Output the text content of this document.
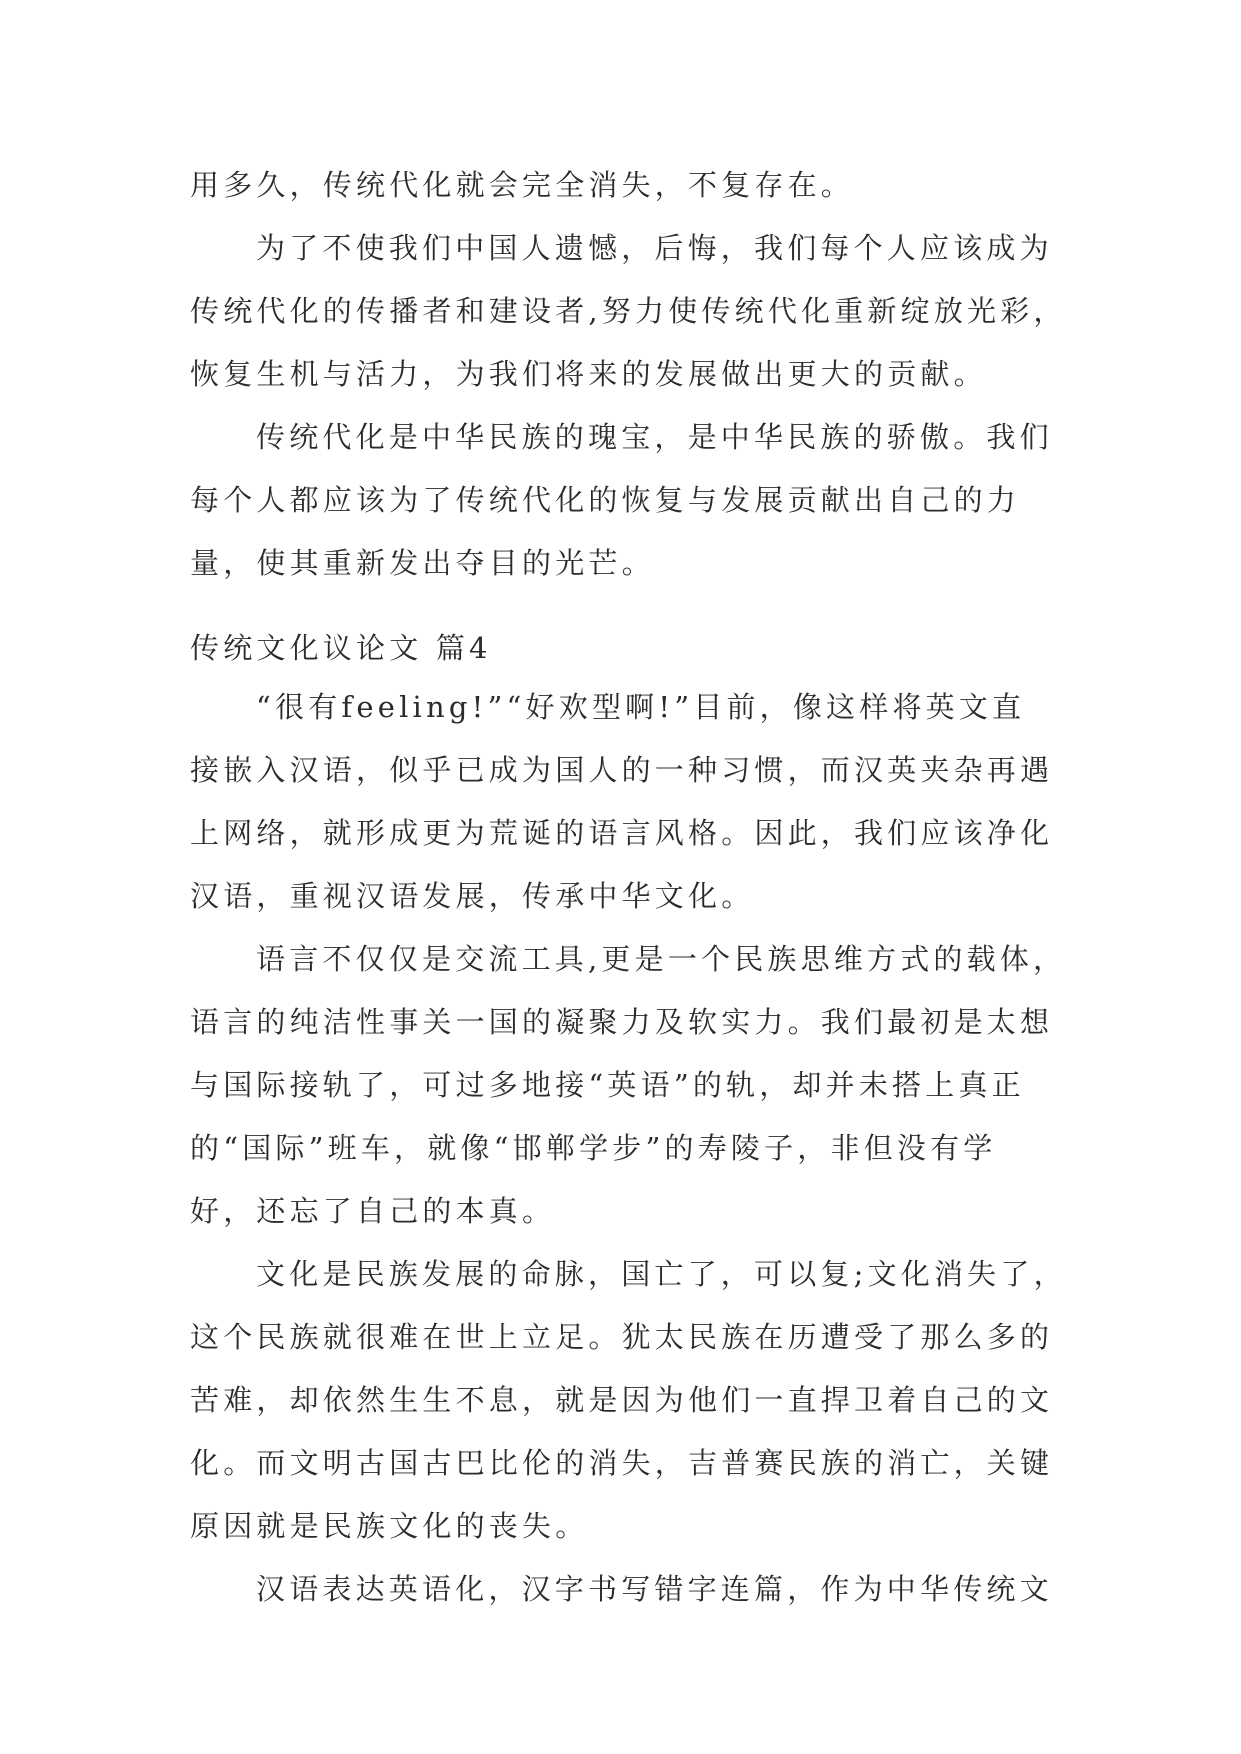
用多久，传统代化就会完全消失，不复存在。
为了不使我们中国人遗憾，后悔，我们每个人应该成为
传统代化的传播者和建设者,努力使传统代化重新绽放光彩，
恢复生机与活力，为我们将来的发展做出更大的贡献。
传统代化是中华民族的瑰宝，是中华民族的骄傲。我们
每个人都应该为了传统代化的恢复与发展贡献出自己的力
量，使其重新发出夺目的光芒。
传统文化议论文 篇4
“很有feeling!”“好欢型啊!”目前，像这样将英文直
接嵌入汉语，似乎已成为国人的一种习惯，而汉英夹杂再遇
上网络，就形成更为荒诞的语言风格。因此，我们应该净化
汉语，重视汉语发展，传承中华文化。
语言不仅仅是交流工具,更是一个民族思维方式的载体，
语言的纯洁性事关一国的凝聚力及软实力。我们最初是太想
与国际接轨了，可过多地接“英语”的轨，却并未搭上真正
的“国际”班车，就像“邯郸学步”的寿陵子，非但没有学
好，还忘了自己的本真。
文化是民族发展的命脉，国亡了，可以复;文化消失了，
这个民族就很难在世上立足。犹太民族在历遭受了那么多的
苦难，却依然生生不息，就是因为他们一直捍卫着自己的文
化。而文明古国古巴比伦的消失，吉普赛民族的消亡，关键
原因就是民族文化的丧失。
汉语表达英语化，汉字书写错字连篇，作为中华传统文
